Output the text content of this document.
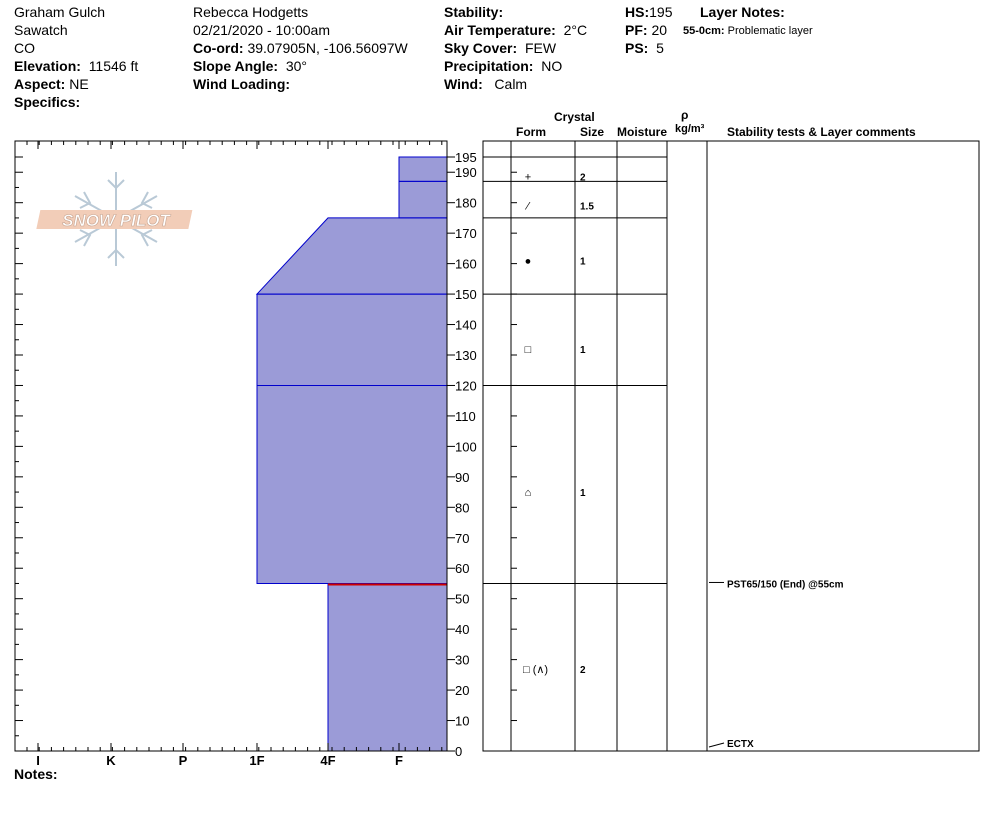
Graham Gulch
Sawatch
CO
Elevation: 11546 ft
Aspect: NE
Specifics:
Rebecca Hodgetts
02/21/2020 - 10:00am
Co-ord: 39.07905N, -106.56097W
Slope Angle: 30°
Wind Loading:
Stability:
Air Temperature: 2°C
Sky Cover: FEW
Precipitation: NO
Wind: Calm
HS:195
PF: 20
PS: 5
Layer Notes:
55-0cm: Problematic layer
Crystal
Form	Size Moisture
ρ
kg/m³ Stability tests & Layer comments
Notes:
SNOW PILOT
I	K	P	1F	4F	F
0
10
20
30
40
50
60
70
80
90
100
110
120
130
140
150
160
170
180
190
195
+	2
⁄	1.5
●	1
□	1
⌂	1
□ (∧)	2
PST65/150 (End) @55cm
ECTX
